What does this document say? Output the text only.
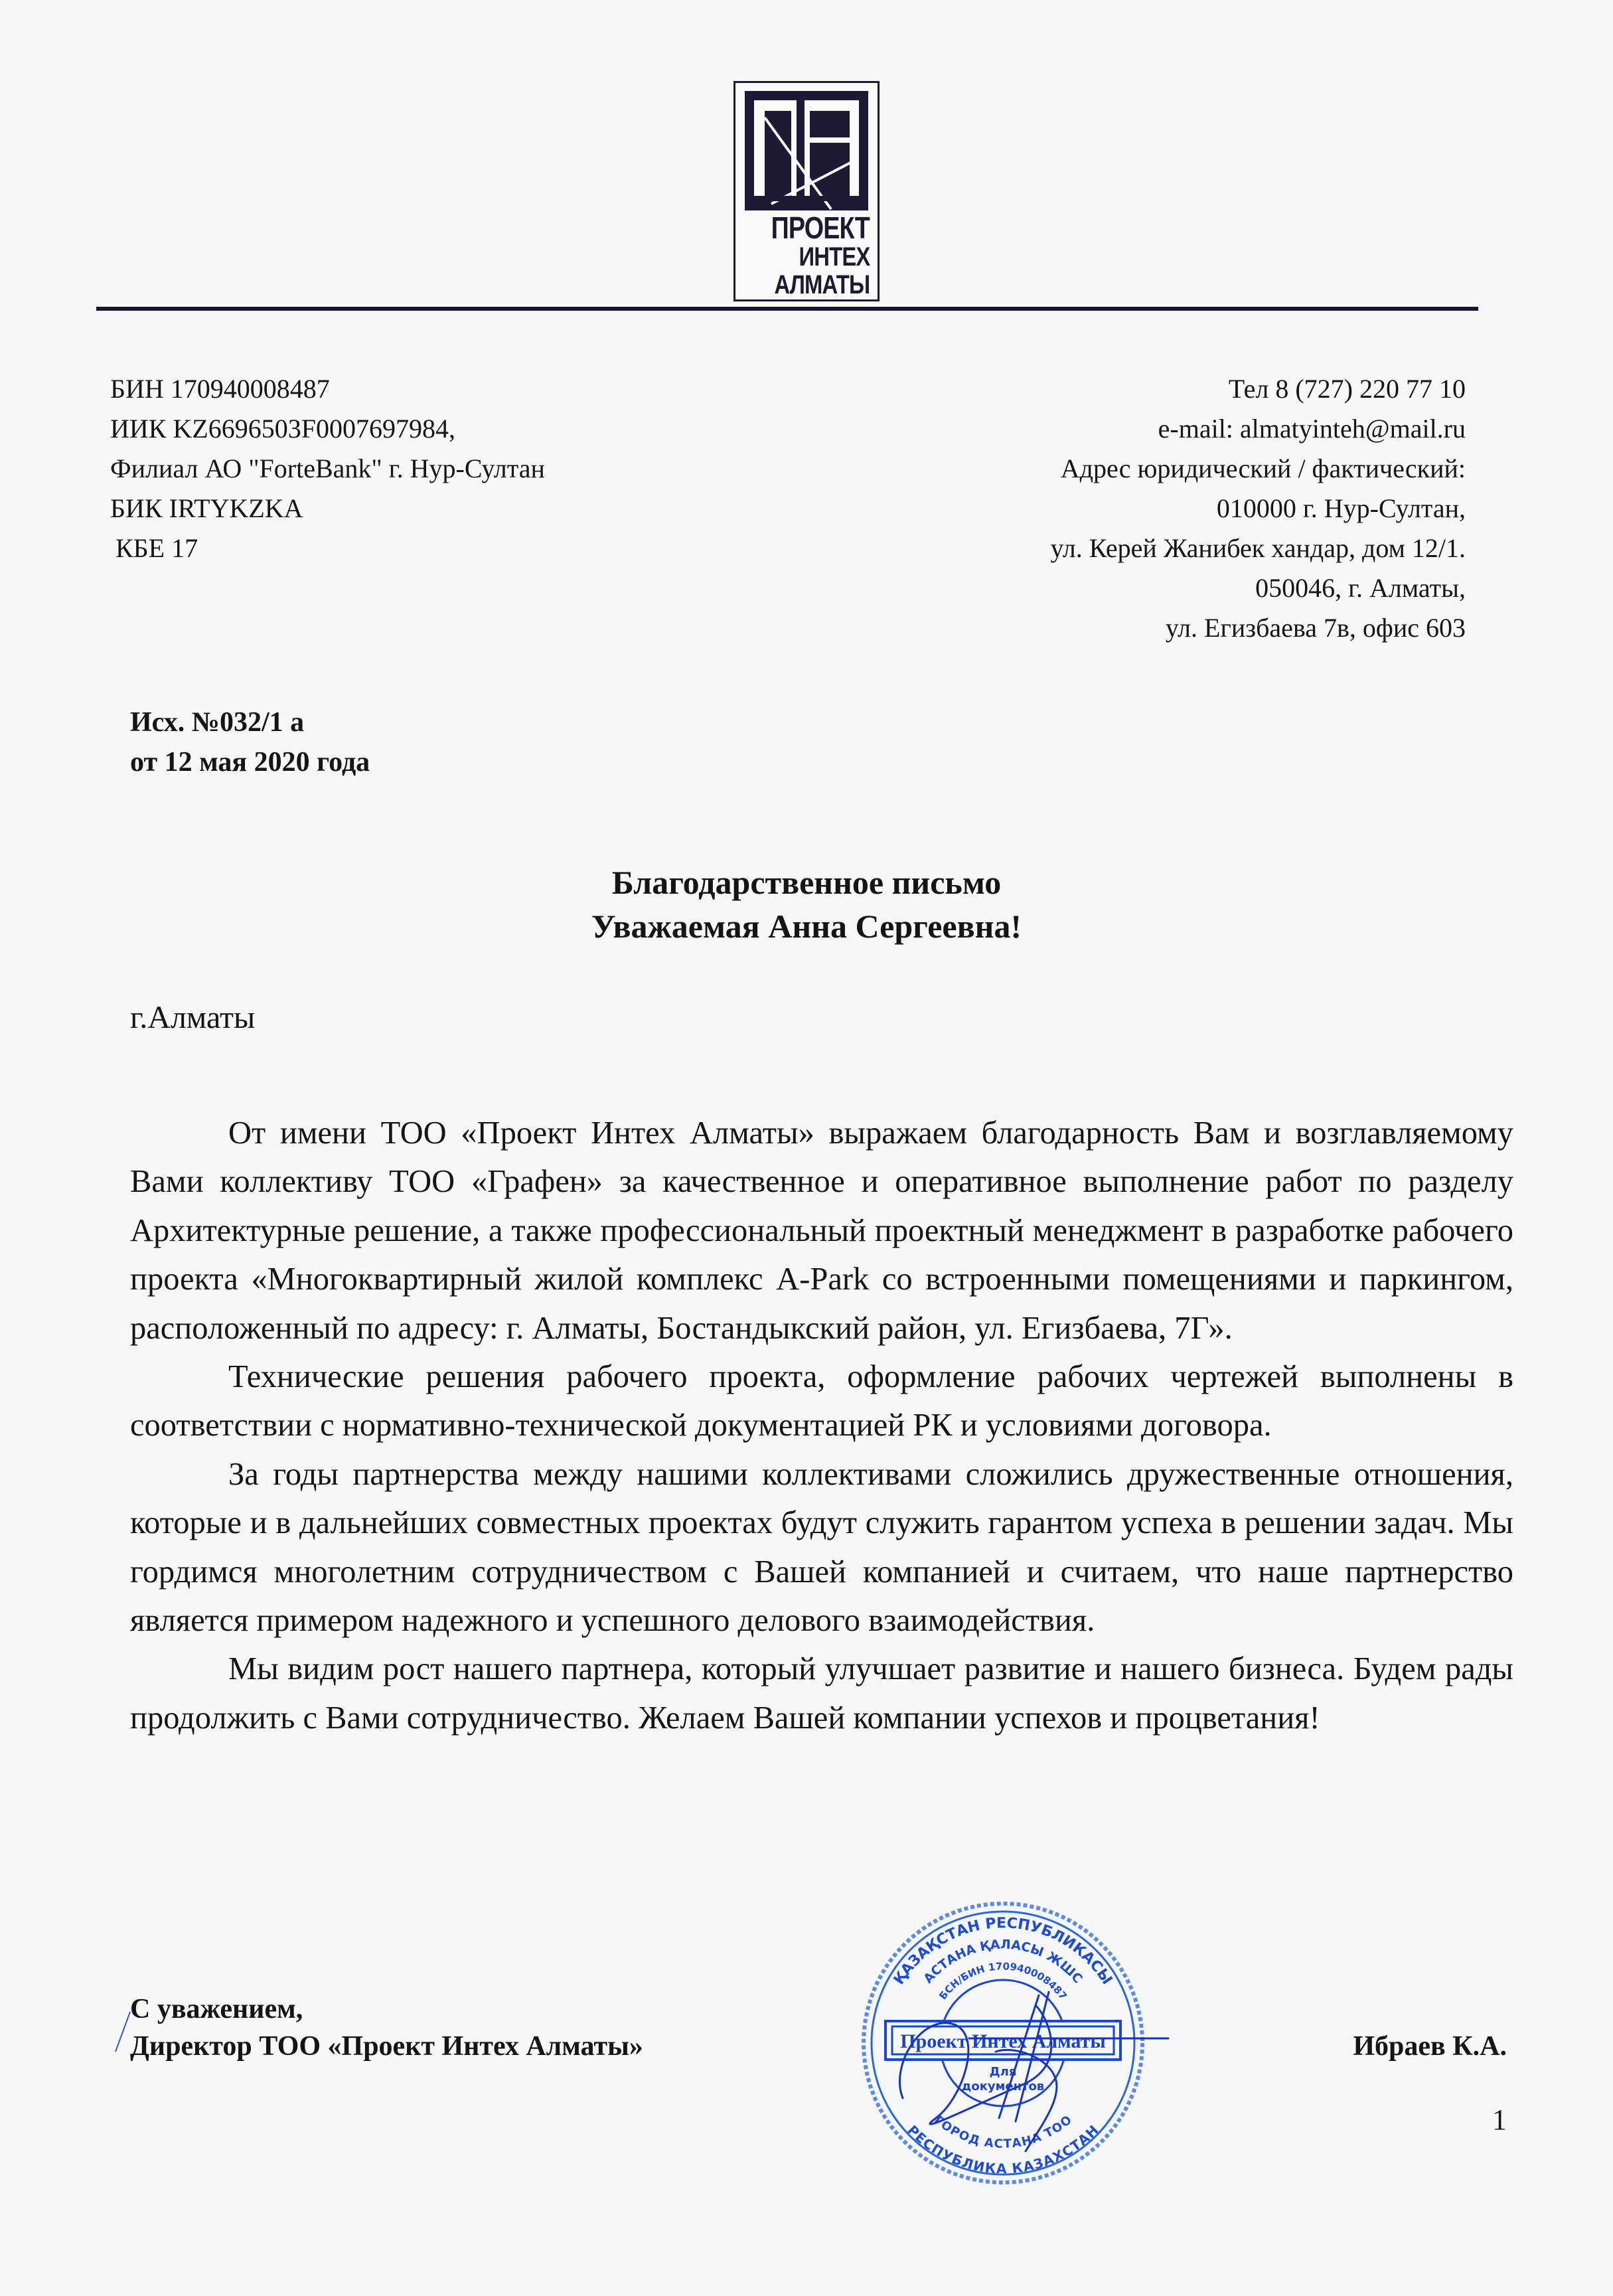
ПРОЕКТ
ИНТЕХ
АЛМАТЫ
БИН 170940008487
ИИК KZ6696503F0007697984,
Филиал АО "ForteBank" г. Нур-Султан
БИК IRTYKZKA
КБЕ 17
Тел 8 (727) 220 77 10
e-mail: almatyinteh@mail.ru
Адрес юридический / фактический:
010000 г. Нур-Султан,
ул. Керей Жанибек хандар, дом 12/1.
050046, г. Алматы,
ул. Егизбаева 7в, офис 603
Исх. №032/1 а
от 12 мая 2020 года
Благодарственное письмо
Уважаемая Анна Сергеевна!
г.Алматы

От имени ТОО «Проект Интех Алматы» выражаем благодарность Вам и возглавляемому Вами коллективу ТОО «Графен» за качественное и оперативное выполнение работ по разделу Архитектурные решение, а также профессиональный проектный менеджмент в разработке рабочего проекта «Многоквартирный жилой комплекс A-Park со встроенными помещениями и паркингом, расположенный по адресу: г. Алматы, Бостандыкский район, ул. Егизбаева, 7Г».

Технические решения рабочего проекта, оформление рабочих чертежей выполнены в соответствии с нормативно-технической документацией РК и условиями договора.

За годы партнерства между нашими коллективами сложились дружественные отношения, которые и в дальнейших совместных проектах будут служить гарантом успеха в решении задач. Мы гордимся многолетним сотрудничеством с Вашей компанией и считаем, что наше партнерство является примером надежного и успешного делового взаимодействия.

Мы видим рост нашего партнера, который улучшает развитие и нашего бизнеса. Будем рады продолжить с Вами сотрудничество. Желаем Вашей компании успехов и процветания!

С уважением,
Директор ТОО «Проект Интех Алматы»	Ибраев К.А.
ҚАЗАҚСТАН РЕСПУБЛИКАСЫ
АСТАНА ҚАЛАСЫ ЖШС
БСН/БИН 170940008487
ГОРОД АСТАНА ТОО
РЕСПУБЛИКА КАЗАХСТАН
Проект Интех Алматы
Для
документов
1
